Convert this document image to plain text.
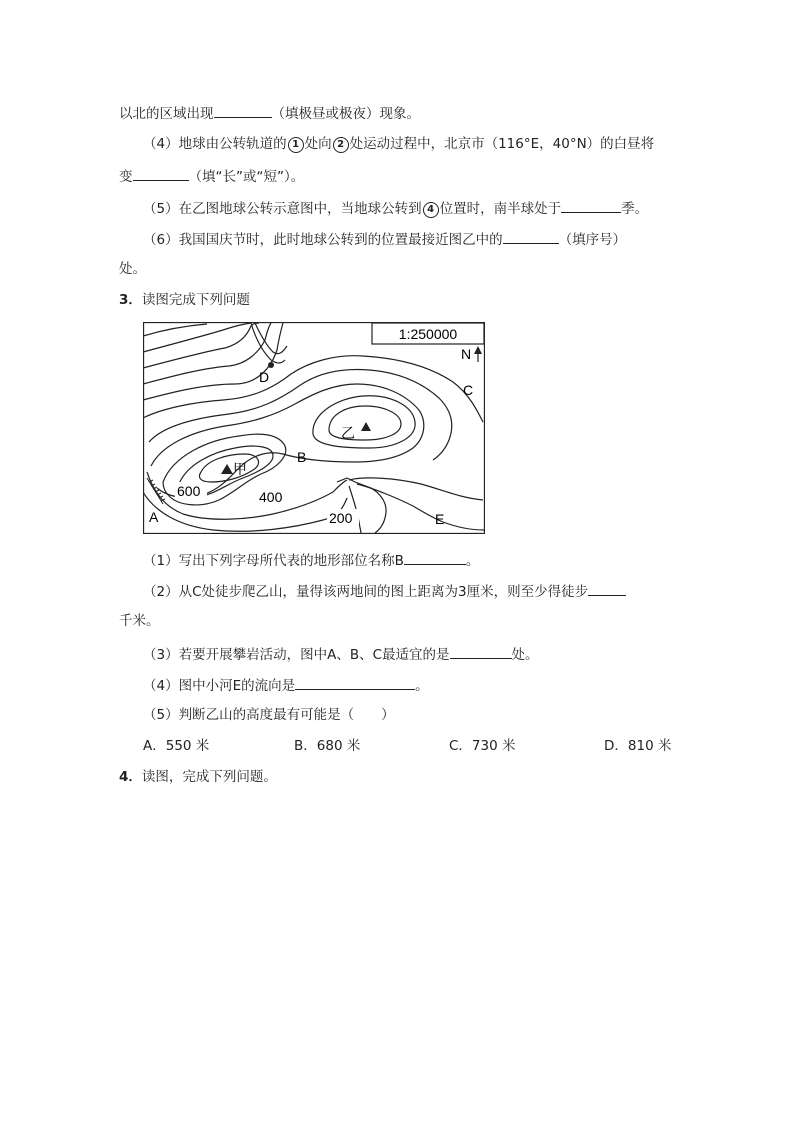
以北的区域出现	（填极昼或极夜）现象。
（4）地球由公转轨道的 1 处向 2 处运动过程中，北京市（116°E，40°N）的白昼将
变	（填“长”或“短”）。
（5）在乙图地球公转示意图中，当地球公转到 4 位置时，南半球处于	季。
（6）我国国庆节时，此时地球公转到的位置最接近图乙中的	（填序号）
处。
3．读图完成下列问题
1:250000
N
甲
乙
D
C
B
A	E
600	400
200
（1）写出下列字母所代表的地形部位名称B	。
（2）从C处徒步爬乙山，量得该两地间的图上距离为3厘米，则至少得徒步
千米。
（3）若要开展攀岩活动，图中A、B、C最适宜的是	处。
（4）图中小河E的流向是	。
（5）判断乙山的高度最有可能是（　　）
A．550 米	B．680 米	C．730 米	D．810 米
4．读图，完成下列问题。
